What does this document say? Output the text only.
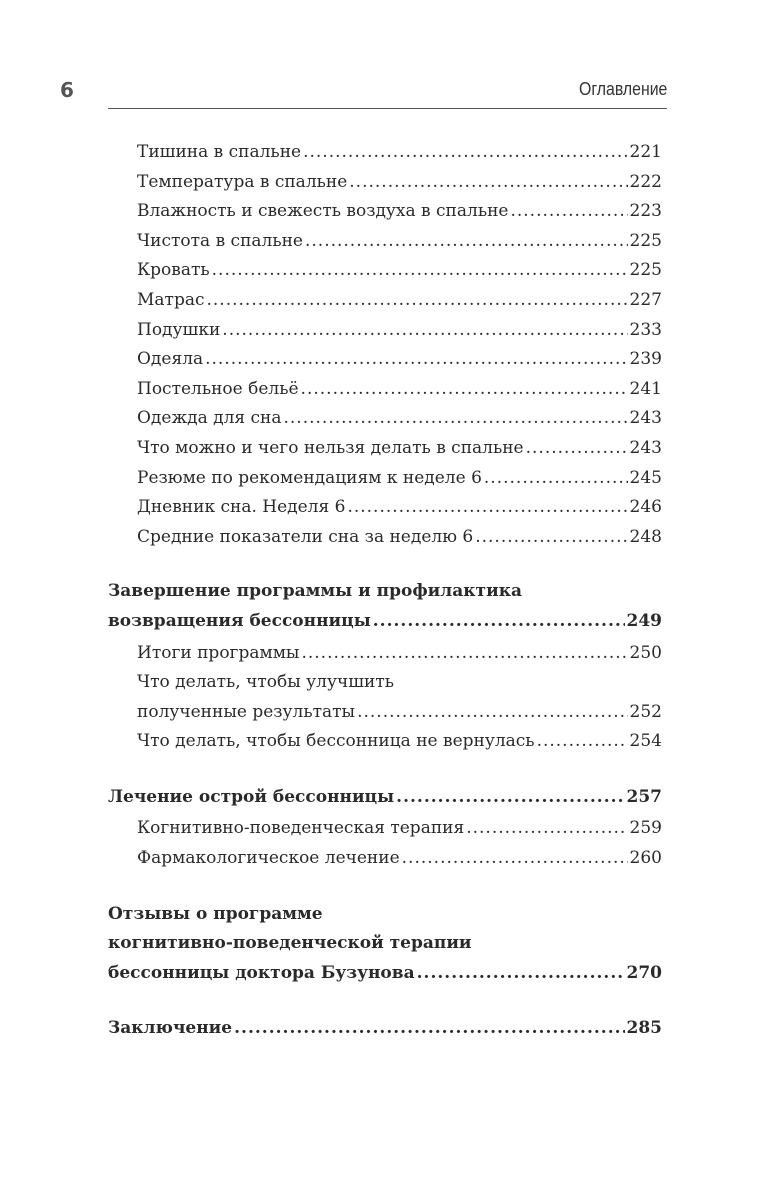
6	Оглавление
Тишина в спальне .....	221
Температура в спальне .....	222
Влажность и свежесть воздуха в спальне .....	223
Чистота в спальне .....	225
Кровать .....	225
Матрас .....	227
Подушки .....	233
Одеяла .....	239
Постельное бельё .....	241
Одежда для сна .....	243
Что можно и чего нельзя делать в спальне .....	243
Резюме по рекомендациям к неделе 6 .....	245
Дневник сна. Неделя 6 .....	246
Средние показатели сна за неделю 6 .....	248
Завершение программы и профилактика
возвращения бессонницы .....	249
Итоги программы .....	250
Что делать, чтобы улучшить
полученные результаты .....	252
Что делать, чтобы бессонница не вернулась .....	254
Лечение острой бессонницы .....	257
Когнитивно-поведенческая терапия .....	259
Фармакологическое лечение .....	260
Отзывы о программе
когнитивно-поведенческой терапии
бессонницы доктора Бузунова .....	270
Заключение .....	285
